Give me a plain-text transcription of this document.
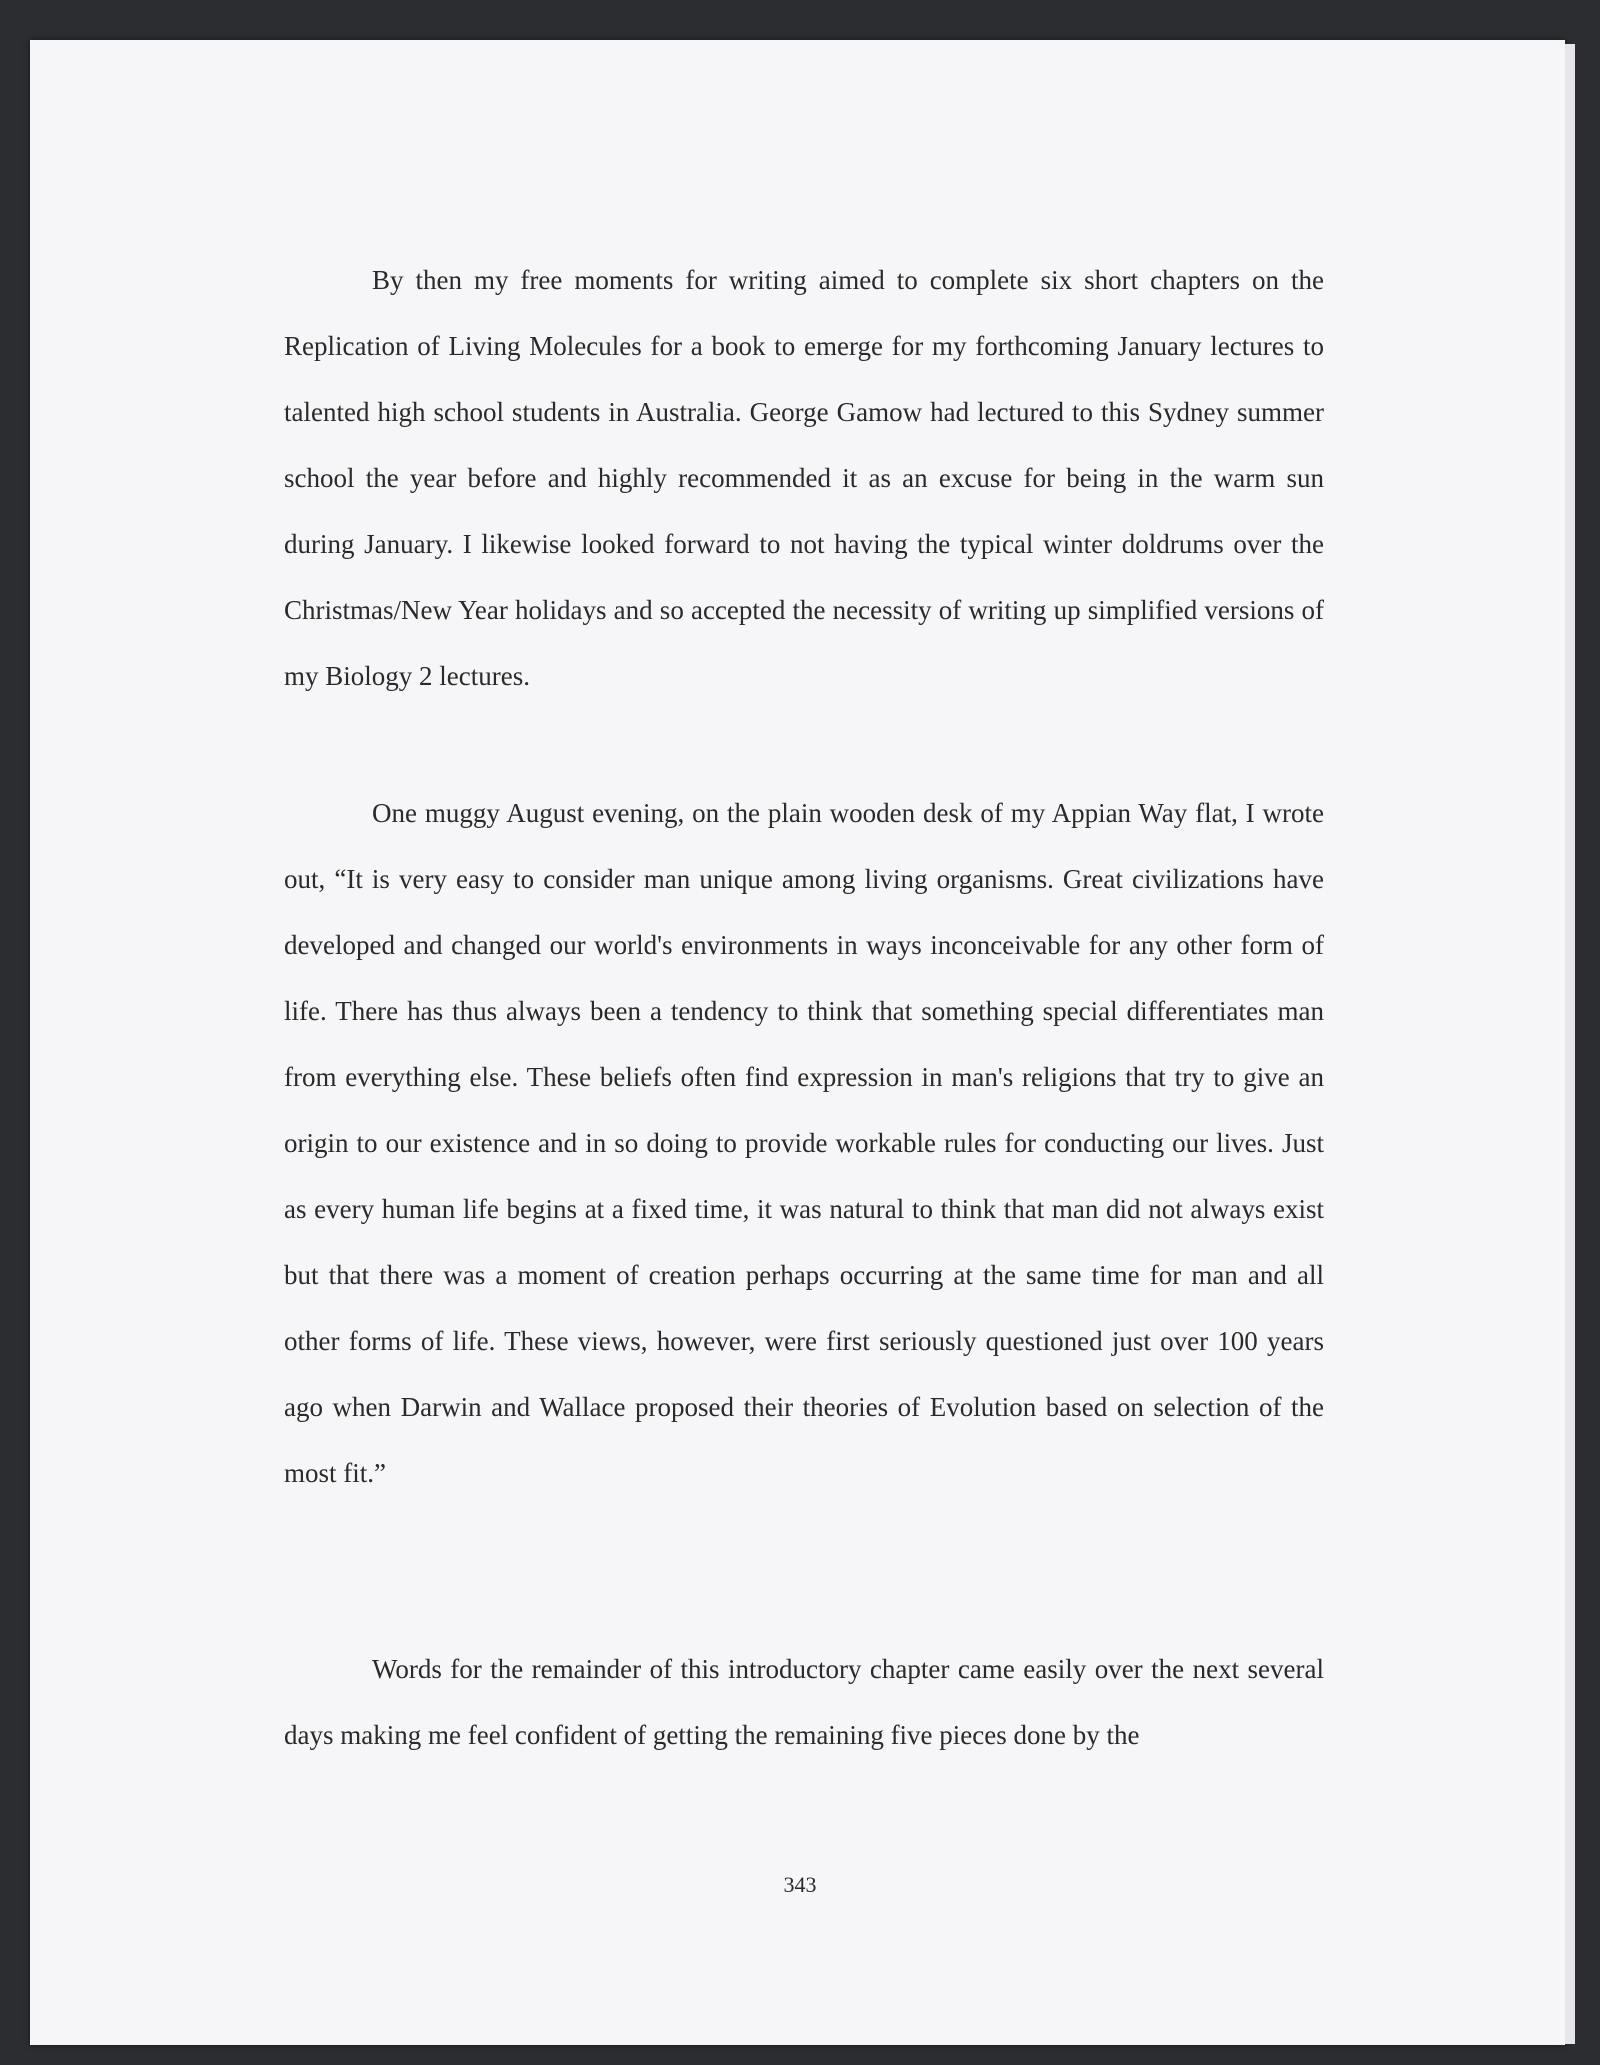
By then my free moments for writing aimed to complete six short chapters on the Replication of Living Molecules for a book to emerge for my forthcoming January lectures to talented high school students in Australia. George Gamow had lectured to this Sydney summer school the year before and highly recommended it as an excuse for being in the warm sun during January. I likewise looked forward to not having the typical winter doldrums over the Christmas/New Year holidays and so accepted the necessity of writing up simplified versions of my Biology 2 lectures.

One muggy August evening, on the plain wooden desk of my Appian Way flat, I wrote out, “It is very easy to consider man unique among living organisms. Great civilizations have developed and changed our world's environments in ways inconceivable for any other form of life. There has thus always been a tendency to think that something special differentiates man from everything else. These beliefs often find expression in man's religions that try to give an origin to our existence and in so doing to provide workable rules for conducting our lives. Just as every human life begins at a fixed time, it was natural to think that man did not always exist but that there was a moment of creation perhaps occurring at the same time for man and all other forms of life. These views, however, were first seriously questioned just over 100 years ago when Darwin and Wallace proposed their theories of Evolution based on selection of the most fit.”

Words for the remainder of this introductory chapter came easily over the next several days making me feel confident of getting the remaining five pieces done by the

343
